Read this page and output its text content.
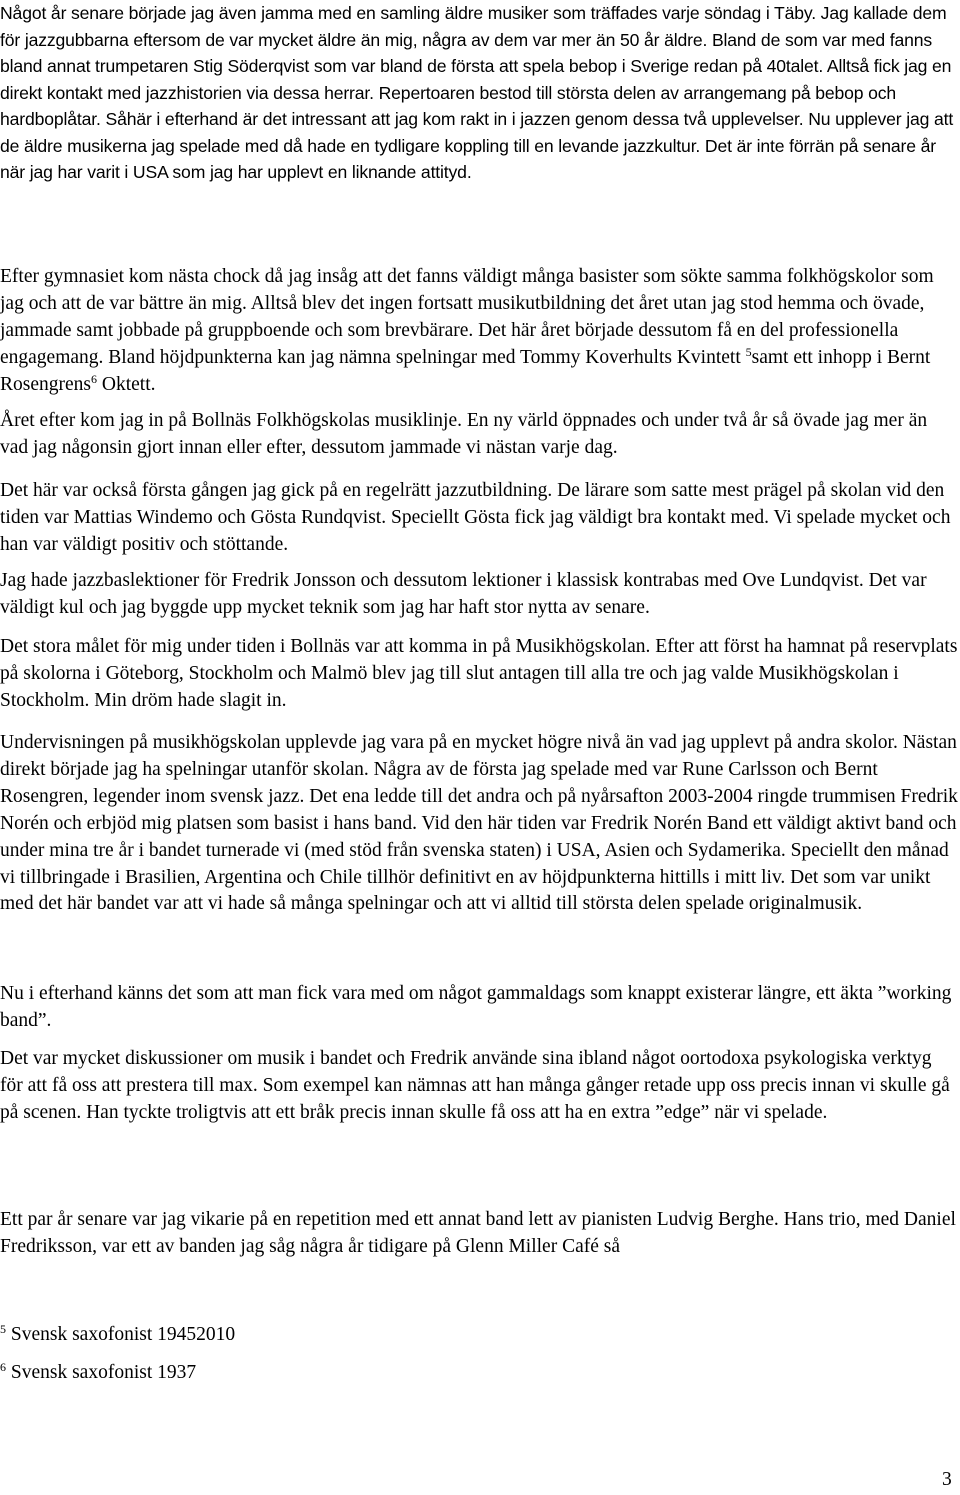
Något år senare började jag även jamma med en samling äldre musiker som träffades varje söndag i Täby. Jag kallade dem för jazzgubbarna eftersom de var mycket äldre än mig, några av dem var mer än 50 år äldre. Bland de som var med fanns bland annat trumpetaren Stig Söderqvist som var bland de första att spela bebop i Sverige redan på 40talet. Alltså fick jag en direkt kontakt med jazzhistorien via dessa herrar. Repertoaren bestod till största delen av arrangemang på bebop och hardboplåtar. Såhär i efterhand är det intressant att jag kom rakt in i jazzen genom dessa två upplevelser. Nu upplever jag att de äldre musikerna jag spelade med då hade en tydligare koppling till en levande jazzkultur. Det är inte förrän på senare år när jag har varit i USA som jag har upplevt en liknande attityd.

Efter gymnasiet kom nästa chock då jag insåg att det fanns väldigt många basister som sökte samma folkhögskolor som jag och att de var bättre än mig. Alltså blev det ingen fortsatt musikutbildning det året utan jag stod hemma och övade, jammade samt jobbade på gruppboende och som brevbärare. Det här året började dessutom få en del professionella engagemang. Bland höjdpunkterna kan jag nämna spelningar med Tommy Koverhults Kvintett $^5$samt ett inhopp i Bernt Rosengrens$^6$ Oktett.

Året efter kom jag in på Bollnäs Folkhögskolas musiklinje. En ny värld öppnades och under två år så övade jag mer än vad jag någonsin gjort innan eller efter, dessutom jammade vi nästan varje dag.

Det här var också första gången jag gick på en regelrätt jazzutbildning. De lärare som satte mest prägel på skolan vid den tiden var Mattias Windemo och Gösta Rundqvist. Speciellt Gösta fick jag väldigt bra kontakt med. Vi spelade mycket och han var väldigt positiv och stöttande.

Jag hade jazzbaslektioner för Fredrik Jonsson och dessutom lektioner i klassisk kontrabas med Ove Lundqvist. Det var väldigt kul och jag byggde upp mycket teknik som jag har haft stor nytta av senare.

Det stora målet för mig under tiden i Bollnäs var att komma in på Musikhögskolan. Efter att först ha hamnat på reservplats på skolorna i Göteborg, Stockholm och Malmö blev jag till slut antagen till alla tre och jag valde Musikhögskolan i Stockholm. Min dröm hade slagit in.

Undervisningen på musikhögskolan upplevde jag vara på en mycket högre nivå än vad jag upplevt på andra skolor. Nästan direkt började jag ha spelningar utanför skolan. Några av de första jag spelade med var Rune Carlsson och Bernt Rosengren, legender inom svensk jazz. Det ena ledde till det andra och på nyårsafton 2003-2004 ringde trummisen Fredrik Norén och erbjöd mig platsen som basist i hans band. Vid den här tiden var Fredrik Norén Band ett väldigt aktivt band och under mina tre år i bandet turnerade vi (med stöd från svenska staten) i USA, Asien och Sydamerika. Speciellt den månad vi tillbringade i Brasilien, Argentina och Chile tillhör definitivt en av höjdpunkterna hittills i mitt liv. Det som var unikt med det här bandet var att vi hade så många spelningar och att vi alltid till största delen spelade originalmusik.

Nu i efterhand känns det som att man fick vara med om något gammaldags som knappt existerar längre, ett äkta ”working band”.

Det var mycket diskussioner om musik i bandet och Fredrik använde sina ibland något oortodoxa psykologiska verktyg för att få oss att prestera till max. Som exempel kan nämnas att han många gånger retade upp oss precis innan vi skulle gå på scenen. Han tyckte troligtvis att ett bråk precis innan skulle få oss att ha en extra ”edge” när vi spelade.

Ett par år senare var jag vikarie på en repetition med ett annat band lett av pianisten Ludvig Berghe. Hans trio, med Daniel Fredriksson, var ett av banden jag såg några år tidigare på Glenn Miller Café så

$^5$ Svensk saxofonist 19452010

$^6$ Svensk saxofonist 1937

3
